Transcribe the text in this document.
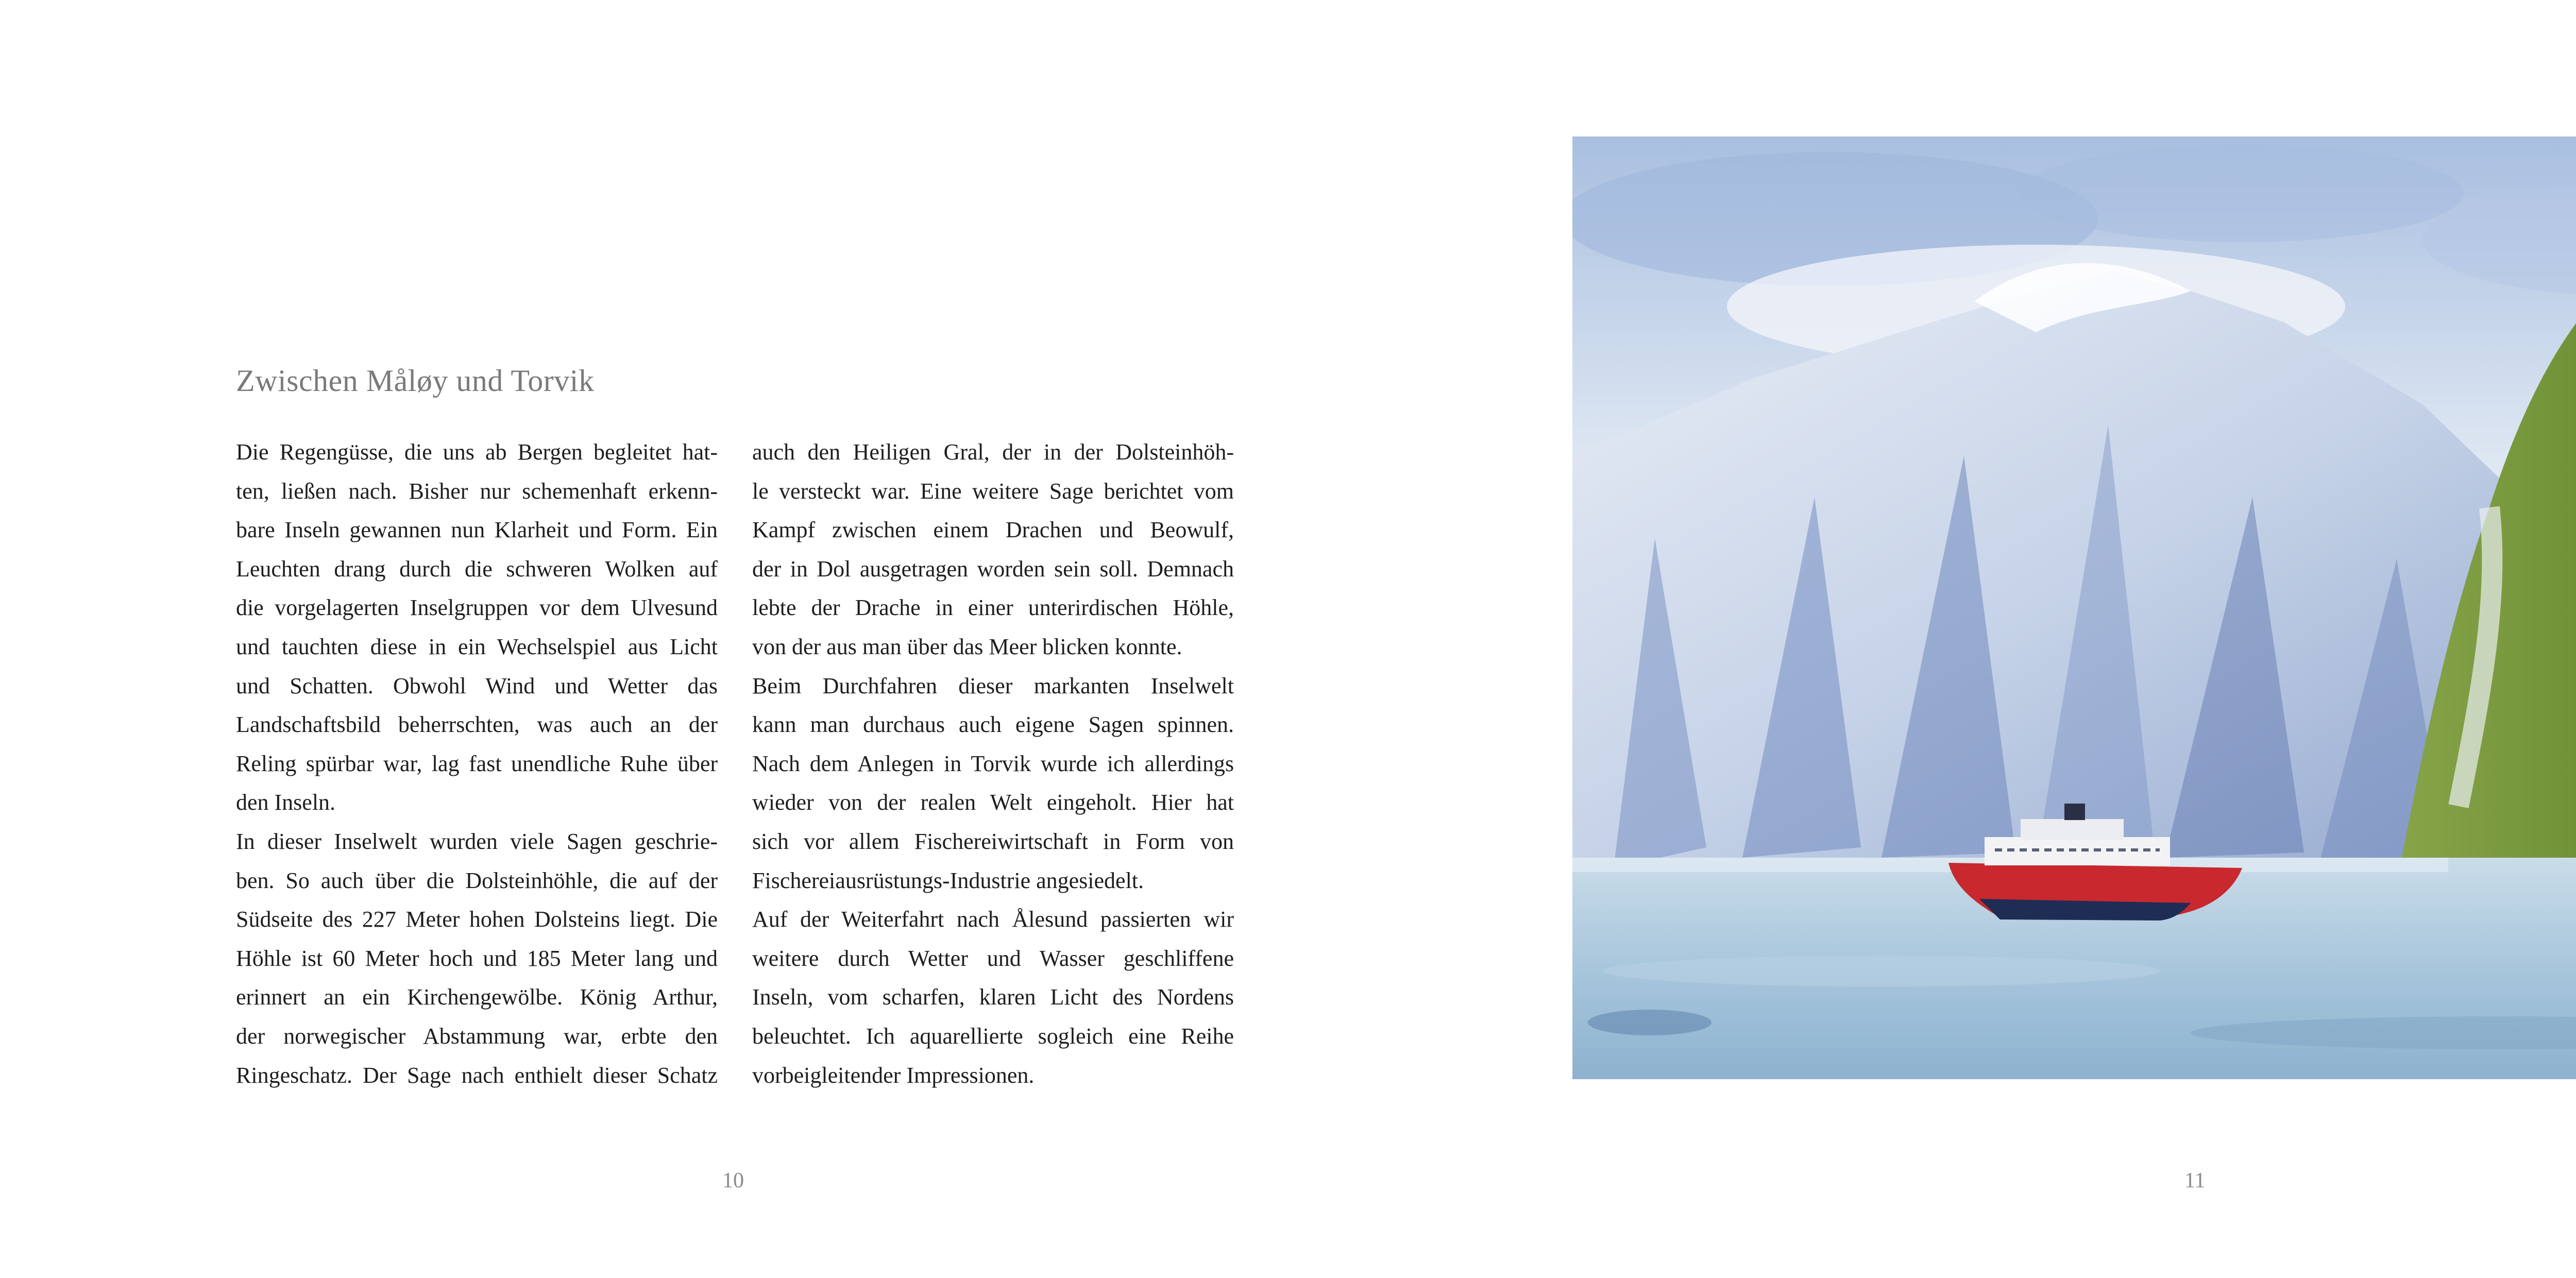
Zwischen Måløy und Torvik
Die Regengüsse, die uns ab Bergen begleitet hat-
ten, ließen nach. Bisher nur schemenhaft erkenn-
bare Inseln gewannen nun Klarheit und Form. Ein
Leuchten drang durch die schweren Wolken auf
die vorgelagerten Inselgruppen vor dem Ulvesund
und tauchten diese in ein Wechselspiel aus Licht
und Schatten. Obwohl Wind und Wetter das
Landschaftsbild beherrschten, was auch an der
Reling spürbar war, lag fast unendliche Ruhe über
den Inseln.
In dieser Inselwelt wurden viele Sagen geschrie-
ben. So auch über die Dolsteinhöhle, die auf der
Südseite des 227 Meter hohen Dolsteins liegt. Die
Höhle ist 60 Meter hoch und 185 Meter lang und
erinnert an ein Kirchengewölbe. König Arthur,
der norwegischer Abstammung war, erbte den
Ringeschatz. Der Sage nach enthielt dieser Schatz
auch den Heiligen Gral, der in der Dolsteinhöh-
le versteckt war. Eine weitere Sage berichtet vom
Kampf zwischen einem Drachen und Beowulf,
der in Dol ausgetragen worden sein soll. Demnach
lebte der Drache in einer unterirdischen Höhle,
von der aus man über das Meer blicken konnte.
Beim Durchfahren dieser markanten Inselwelt
kann man durchaus auch eigene Sagen spinnen.
Nach dem Anlegen in Torvik wurde ich allerdings
wieder von der realen Welt eingeholt. Hier hat
sich vor allem Fischereiwirtschaft in Form von
Fischereiausrüstungs-Industrie angesiedelt.
Auf der Weiterfahrt nach Ålesund passierten wir
weitere durch Wetter und Wasser geschliffene
Inseln, vom scharfen, klaren Licht des Nordens
beleuchtet. Ich aquarellierte sogleich eine Reihe
vorbeigleitender Impressionen.
10	11
